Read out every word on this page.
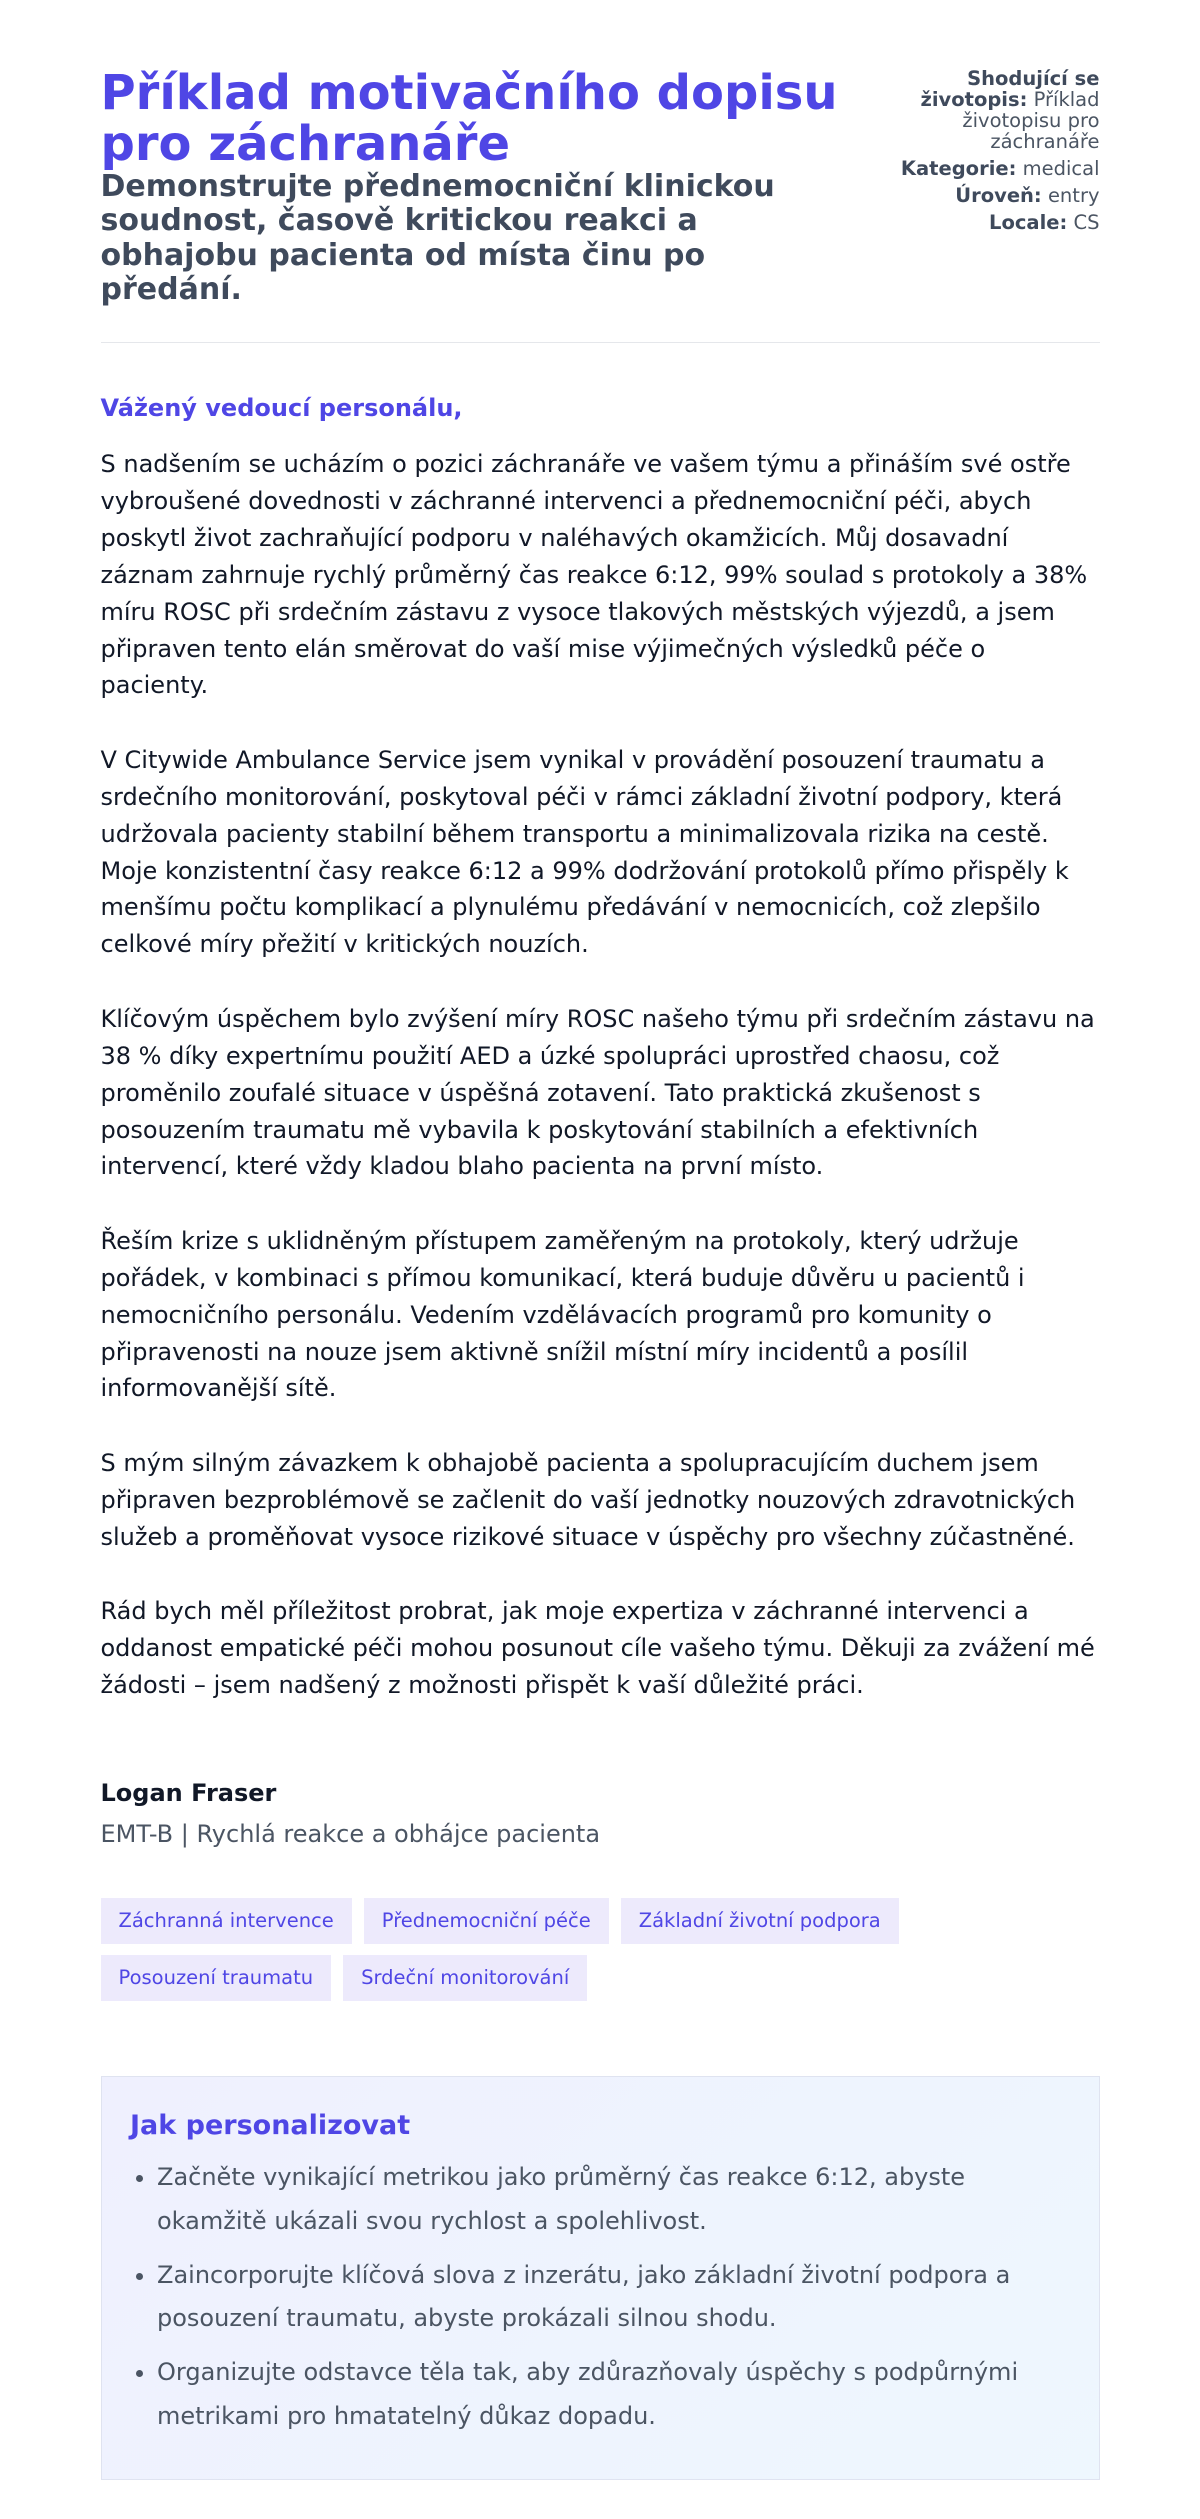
Příklad motivačního dopisu pro záchranáře
Demonstrujte přednemocniční klinickou soudnost, časově kritickou reakci a obhajobu pacienta od místa činu po předání.
Shodující se životopis: Příklad životopisu pro záchranáře
Kategorie: medical
Úroveň: entry
Locale: CS
Vážený vedoucí personálu,

S nadšením se ucházím o pozici záchranáře ve vašem týmu a přináším své ostře vybroušené dovednosti v záchranné intervenci a přednemocniční péči, abych poskytl život zachraňující podporu v naléhavých okamžicích. Můj dosavadní záznam zahrnuje rychlý průměrný čas reakce 6:12, 99% soulad s protokoly a 38% míru ROSC při srdečním zástavu z vysoce tlakových městských výjezdů, a jsem připraven tento elán směrovat do vaší mise výjimečných výsledků péče o pacienty.

V Citywide Ambulance Service jsem vynikal v provádění posouzení traumatu a srdečního monitorování, poskytoval péči v rámci základní životní podpory, která udržovala pacienty stabilní během transportu a minimalizovala rizika na cestě. Moje konzistentní časy reakce 6:12 a 99% dodržování protokolů přímo přispěly k menšímu počtu komplikací a plynulému předávání v nemocnicích, což zlepšilo celkové míry přežití v kritických nouzích.

Klíčovým úspěchem bylo zvýšení míry ROSC našeho týmu při srdečním zástavu na 38 % díky expertnímu použití AED a úzké spolupráci uprostřed chaosu, což proměnilo zoufalé situace v úspěšná zotavení. Tato praktická zkušenost s posouzením traumatu mě vybavila k poskytování stabilních a efektivních intervencí, které vždy kladou blaho pacienta na první místo.

Řeším krize s uklidněným přístupem zaměřeným na protokoly, který udržuje pořádek, v kombinaci s přímou komunikací, která buduje důvěru u pacientů i nemocničního personálu. Vedením vzdělávacích programů pro komunity o připravenosti na nouze jsem aktivně snížil místní míry incidentů a posílil informovanější sítě.

S mým silným závazkem k obhajobě pacienta a spolupracujícím duchem jsem připraven bezproblémově se začlenit do vaší jednotky nouzových zdravotnických služeb a proměňovat vysoce rizikové situace v úspěchy pro všechny zúčastněné.

Rád bych měl příležitost probrat, jak moje expertiza v záchranné intervenci a oddanost empatické péči mohou posunout cíle vašeho týmu. Děkuji za zvážení mé žádosti – jsem nadšený z možnosti přispět k vaší důležité práci.

Logan Fraser
EMT-B | Rychlá reakce a obhájce pacienta
Záchranná intervence	Přednemocniční péče	Základní životní podpora
Posouzení traumatu	Srdeční monitorování
Jak personalizovat
• Začněte vynikající metrikou jako průměrný čas reakce 6:12, abyste okamžitě ukázali svou rychlost a spolehlivost.
• Zaincorporujte klíčová slova z inzerátu, jako základní životní podpora a posouzení traumatu, abyste prokázali silnou shodu.
• Organizujte odstavce těla tak, aby zdůrazňovaly úspěchy s podpůrnými metrikami pro hmatatelný důkaz dopadu.
